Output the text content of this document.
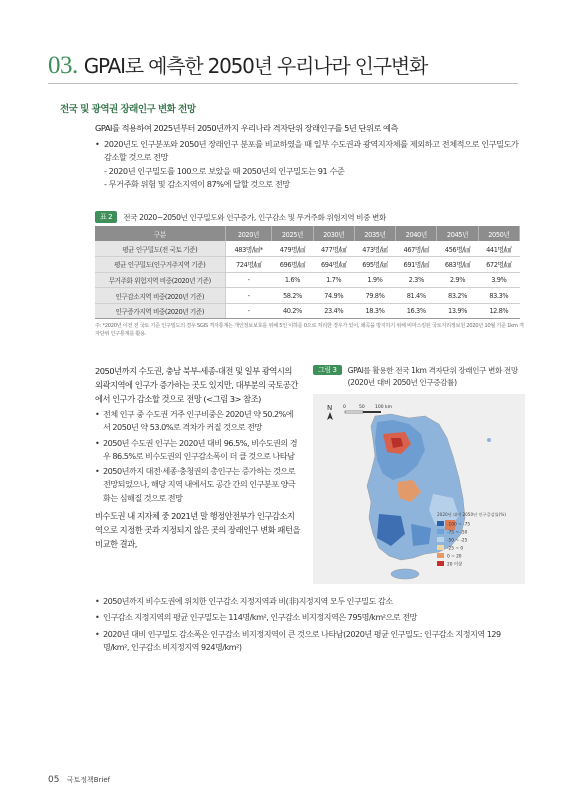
03. GPAI로 예측한 2050년 우리나라 인구변화
전국 및 광역권 장래인구 변화 전망
GPAI를 적용하여 2025년부터 2050년까지 우리나라 격자단위 장래인구를 5년 단위로 예측
• 2020년도 인구분포와 2050년 장래인구 분포를 비교하였을 때 일부 수도권과 광역지자체를 제외하고 전체적으로 인구밀도가 감소할 것으로 전망
- 2020년 인구밀도를 100으로 보았을 때 2050년의 인구밀도는 91 수준
- 무거주화 위험 및 감소지역이 87%에 달할 것으로 전망
표 2	전국 2020~2050년 인구밀도와 인구증가, 인구감소 및 무거주화 위험지역 비중 변화
구분	2020년	2025년	2030년	2035년	2040년	2045년	2050년
평균 인구밀도(전 국토 기준)	483명/㎢*	479명/㎢	477명/㎢	473명/㎢	467명/㎢	456명/㎢	441명/㎢
평균 인구밀도(인구거주지역 기준)	724명/㎢	696명/㎢	694명/㎢	695명/㎢	691명/㎢	683명/㎢	672명/㎢
무거주화 위험지역 비중(2020년 기준)	-	1.6%	1.7%	1.9%	2.3%	2.9%	3.9%
인구감소지역 비중(2020년 기준)	-	58.2%	74.9%	79.8%	81.4%	83.2%	83.3%
인구증가지역 비중(2020년 기준)	-	40.2%	23.4%	18.3%	16.3%	13.9%	12.8%
주: *2020년 이전 전 국토 기준 인구밀도의 경우 SGIS 격자통계는 개인정보보호를 위해 5인 이하를 0으로 처리한 경우가 있어, 왜곡을 방지하기 위해 비마스킹된 국토지리정보원 2020년 10월 기준 1km 격자단위 인구통계를 활용.
2050년까지 수도권, 충남 북부-세종-대전 및 일부 광역시의 외곽지역에 인구가 증가하는 곳도 있지만, 대부분의 국토공간에서 인구가 감소할 것으로 전망 (<그림 3> 참조)
• 전체 인구 중 수도권 거주 인구비중은 2020년 약 50.2%에서 2050년 약 53.0%로 격차가 커질 것으로 전망
• 2050년 수도권 인구는 2020년 대비 96.5%, 비수도권의 경우 86.5%로 비수도권의 인구감소폭이 더 클 것으로 나타남
• 2050년까지 대전·세종·충청권의 총인구는 증가하는 것으로 전망되었으나, 해당 지역 내에서도 공간 간의 인구분포 양극화는 심해질 것으로 전망
비수도권 내 지자체 중 2021년 말 행정안전부가 인구감소지역으로 지정한 곳과 지정되지 않은 곳의 장래인구 변화 패턴을 비교한 결과,
그림 3	GPAI를 활용한 전국 1km 격자단위 장래인구 변화 전망(2020년 대비 2050년 인구증감률)
N 0	50 100 km
2020년 대비 2050년 인구증감률(%)
-100 ~ -75
-75 ~ -50
-50 ~ -25
-25 ~ 0
0 ~ 20
20 이상
• 2050년까지 비수도권에 위치한 인구감소 지정지역과 비(非)지정지역 모두 인구밀도 감소
• 인구감소 지정지역의 평균 인구밀도는 114명/km², 인구감소 비지정지역은 795명/km²으로 전망
• 2020년 대비 인구밀도 감소폭은 인구감소 비지정지역이 큰 것으로 나타남(2020년 평균 인구밀도: 인구감소 지정지역 129명/km², 인구감소 비지정지역 924명/km²)
05 국토정책Brief
